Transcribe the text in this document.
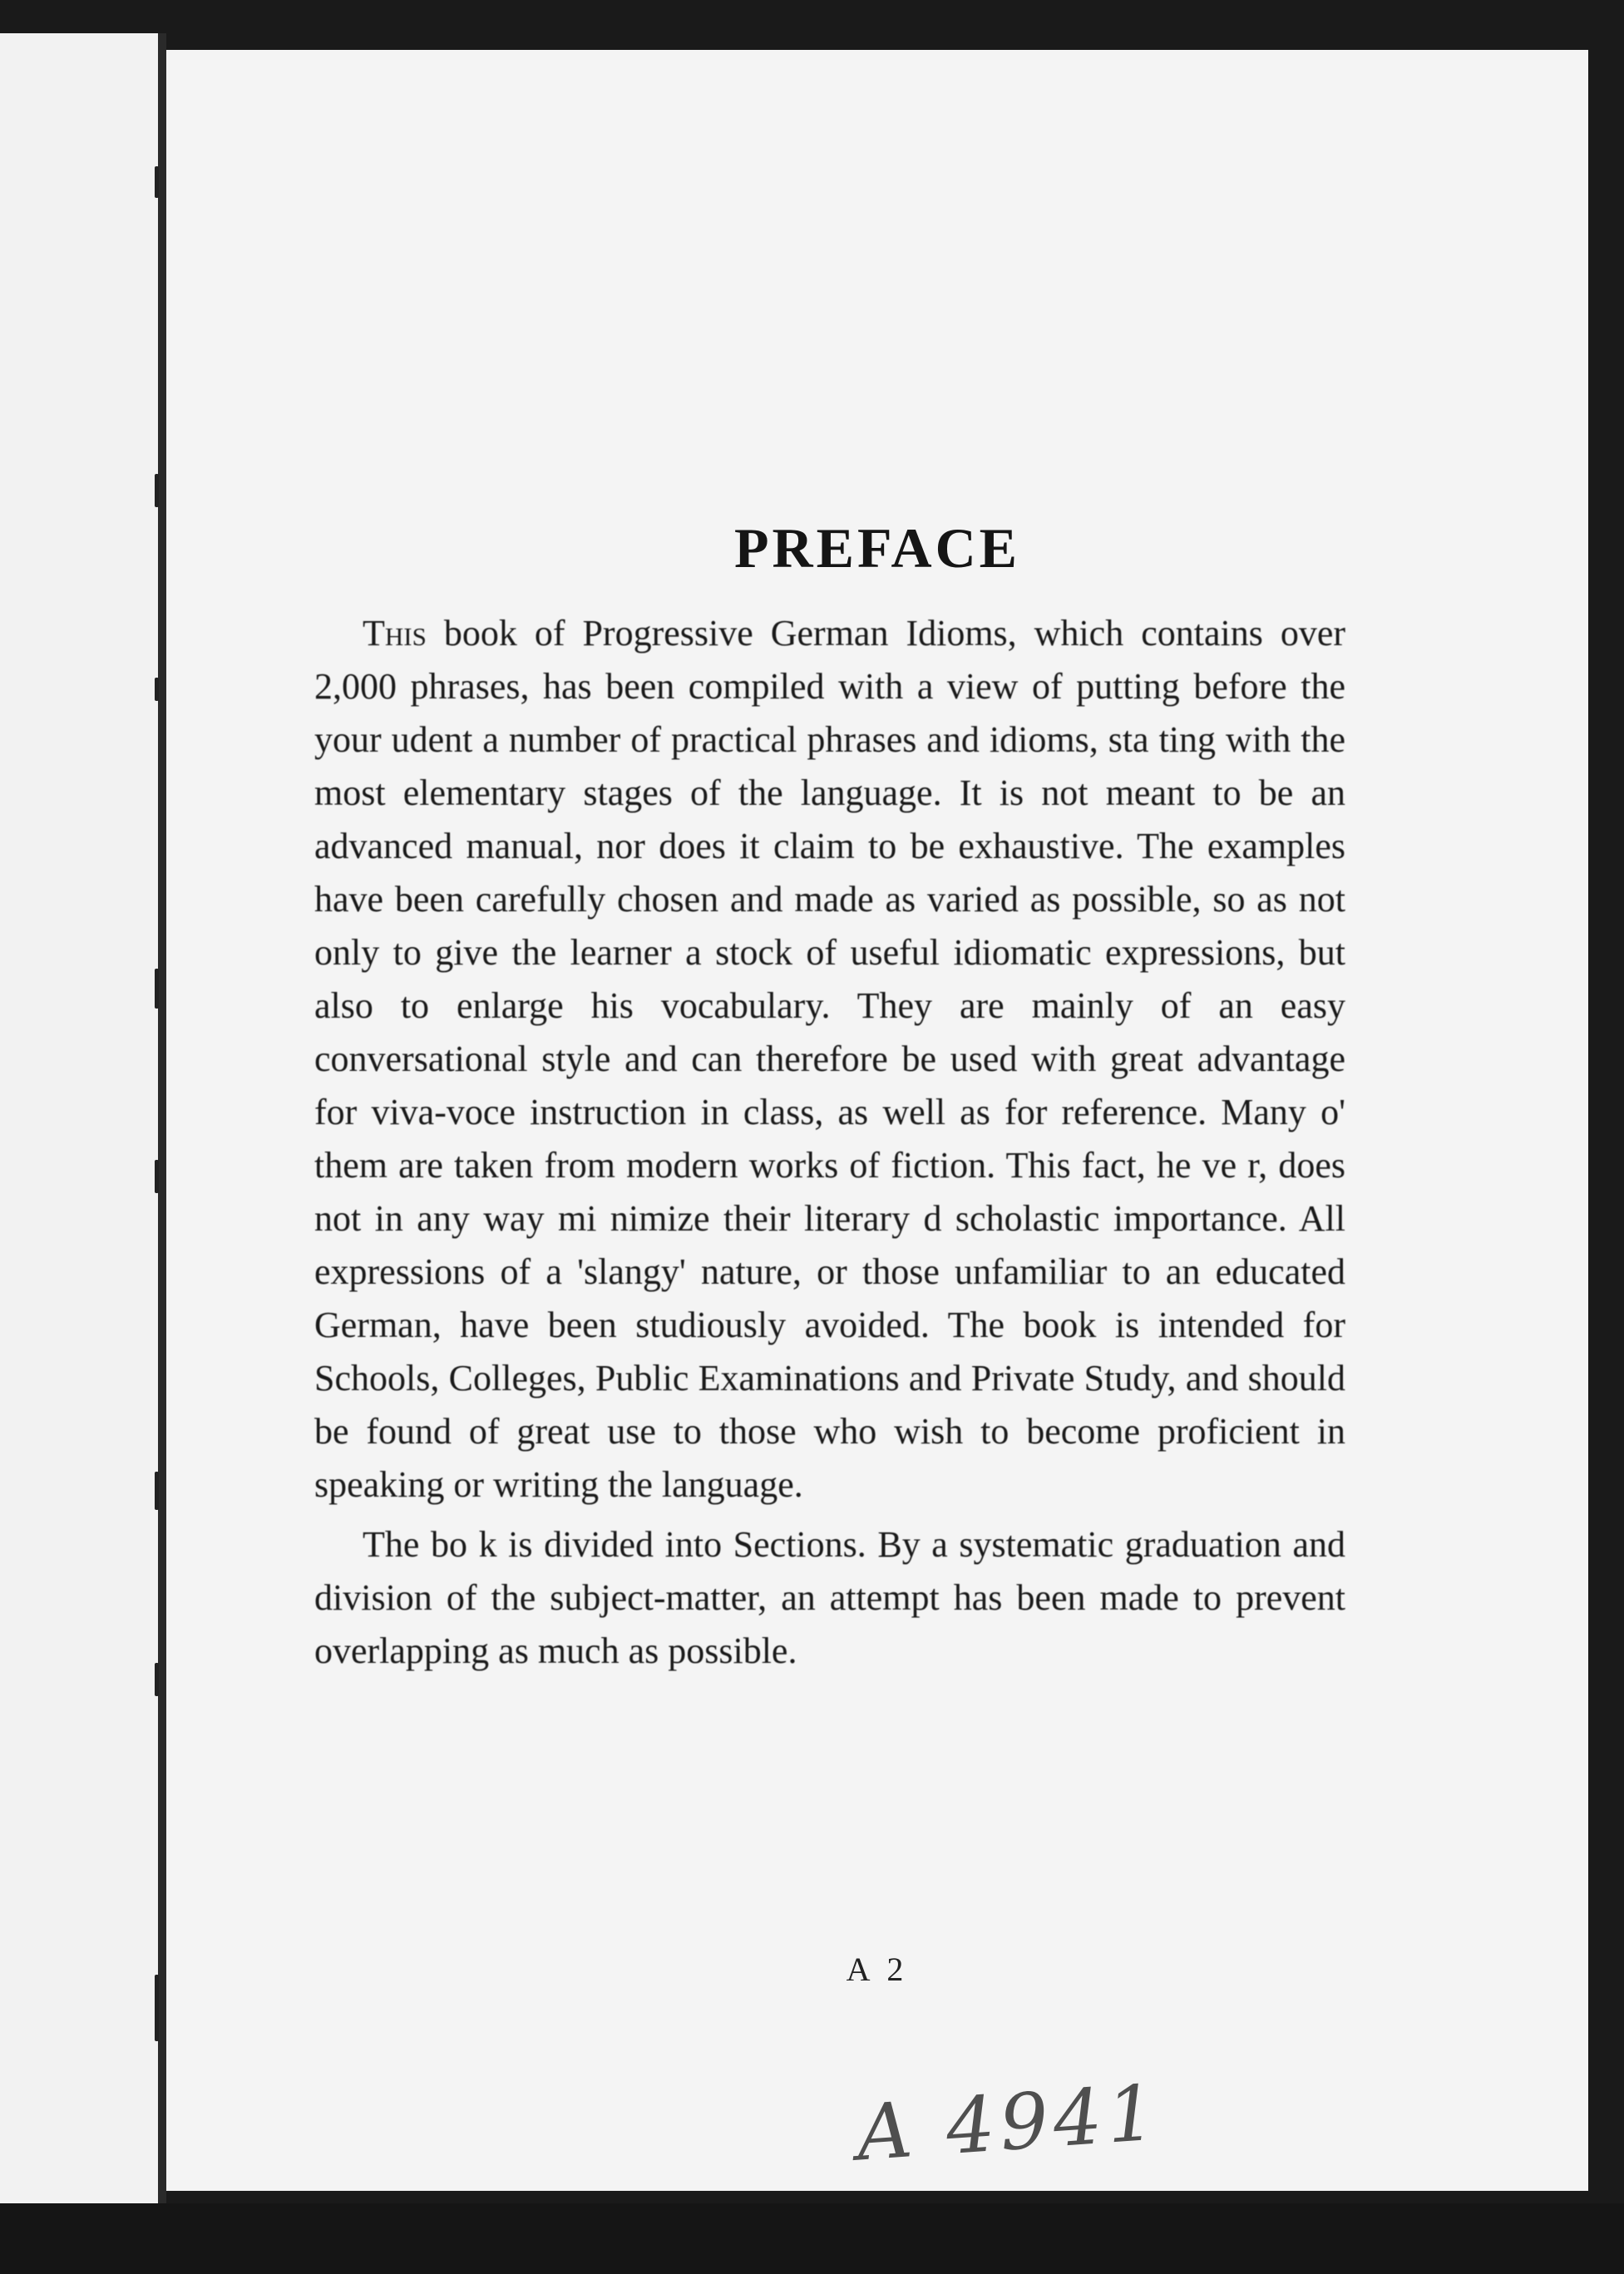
PREFACE

This book of Progressive German Idioms, which contains over 2,000 phrases, has been compiled with a view of putting before the your udent a number of practical phrases and idioms, sta ting with the most elementary stages of the language. It is not meant to be an advanced manual, nor does it claim to be exhaustive. The examples have been carefully chosen and made as varied as possible, so as not only to give the learner a stock of useful idiomatic expressions, but also to enlarge his vocabulary. They are mainly of an easy conversational style and can therefore be used with great advantage for viva-voce instruction in class, as well as for reference. Many o' them are taken from modern works of fiction. This fact, he ve r, does not in any way mi nimize their literary d scholastic importance. All expressions of a 'slangy' nature, or those unfamiliar to an educated German, have been studiously avoided. The book is intended for Schools, Colleges, Public Examinations and Private Study, and should be found of great use to those who wish to become proficient in speaking or writing the language.

The bo k is divided into Sections. By a systematic graduation and division of the subject-matter, an attempt has been made to prevent overlapping as much as possible.

A 2
A 4941
